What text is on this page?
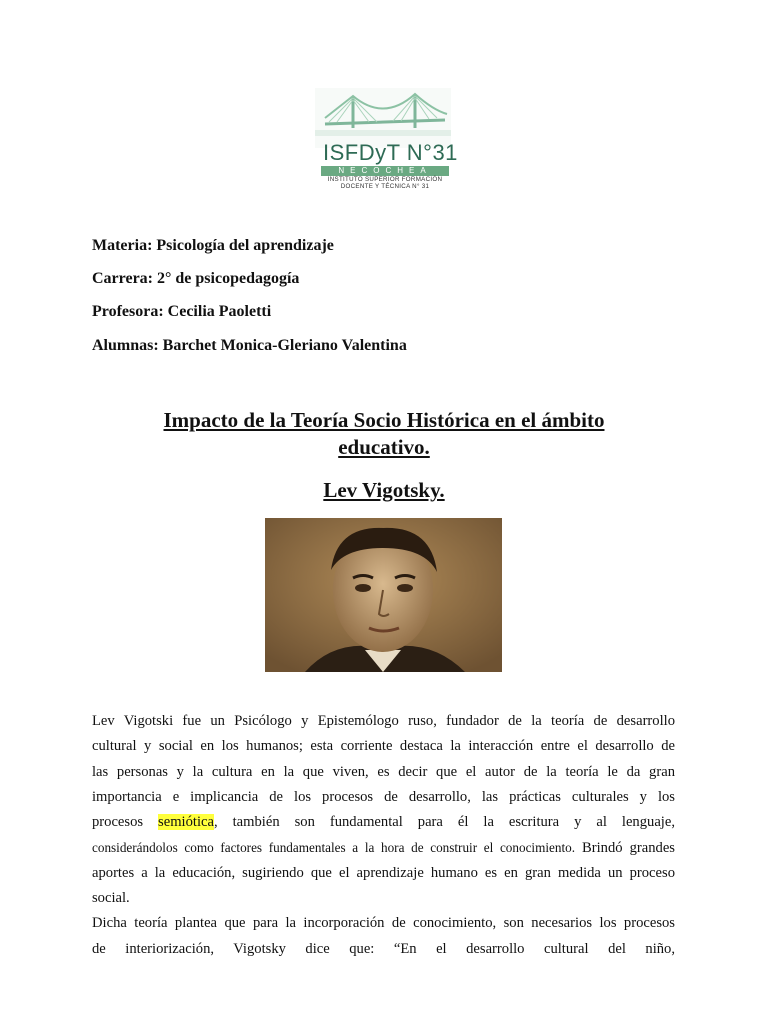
ISFDyT N°31
NECOCHEA
INSTITUTO SUPERIOR FORMACIÓN
DOCENTE Y TÉCNICA N° 31
Materia: Psicología del aprendizaje
Carrera: 2° de psicopedagogía
Profesora: Cecilia Paoletti
Alumnas: Barchet Monica-Gleriano Valentina
Impacto de la Teoría Socio Histórica en el ámbito
educativo.
Lev Vigotsky.
Lev Vigotski fue un Psicólogo y Epistemólogo ruso, fundador de la teoría de desarrollo
cultural y social en los humanos; esta corriente destaca la interacción entre el desarrollo de
las personas y la cultura en la que viven, es decir que el autor de la teoría le da gran
importancia e implicancia de los procesos de desarrollo, las prácticas culturales y los
procesos semiótica, también son fundamental para él la escritura y al lenguaje,
considerándolos como factores fundamentales a la hora de construir el conocimiento. Brindó grandes
aportes a la educación, sugiriendo que el aprendizaje humano es en gran medida un proceso
social.
Dicha teoría plantea que para la incorporación de conocimiento, son necesarios los procesos
de interiorización, Vigotsky dice que: “En el desarrollo cultural del niño,
